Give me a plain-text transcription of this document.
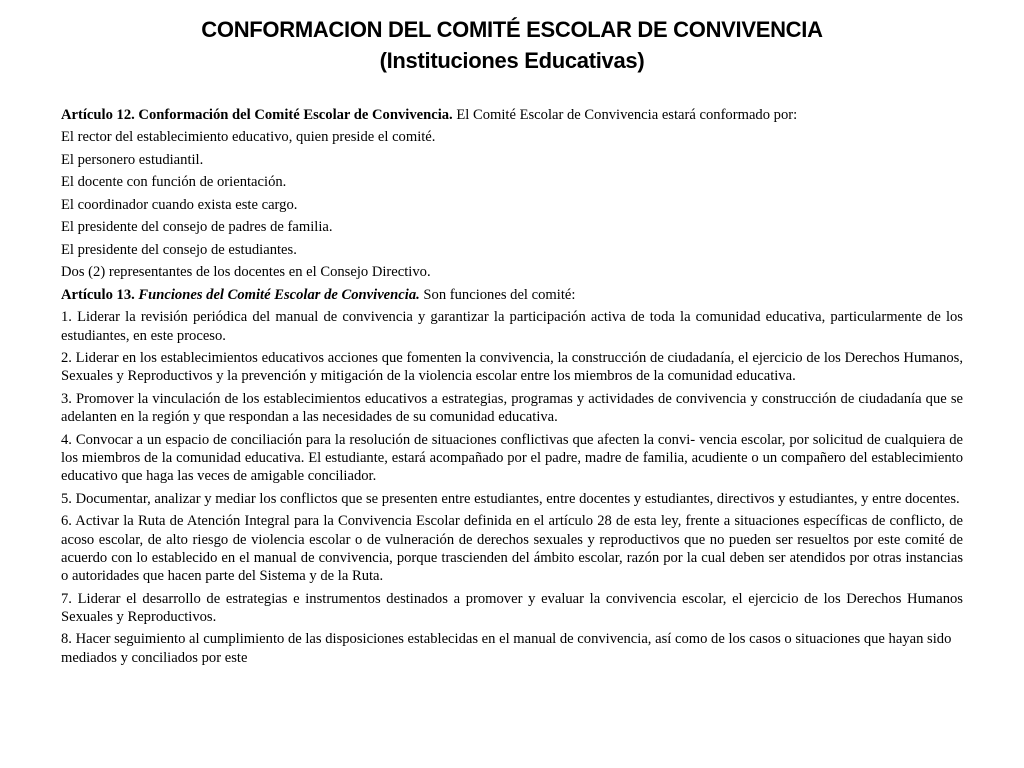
CONFORMACION DEL COMITÉ ESCOLAR DE CONVIVENCIA
(Instituciones Educativas)

Artículo 12. Conformación del Comité Escolar de Convivencia. El Comité Escolar de Convivencia estará conformado por:

El rector del establecimiento educativo, quien preside el comité.

El personero estudiantil.

El docente con función de orientación.

El coordinador cuando exista este cargo.

El presidente del consejo de padres de familia.

El presidente del consejo de estudiantes.

Dos (2) representantes de los docentes en el Consejo Directivo.

Artículo 13. Funciones del Comité Escolar de Convivencia. Son funciones del comité:

1. Liderar la revisión periódica del manual de convivencia y garantizar la participación activa de toda la comunidad educativa, particularmente de los estudiantes, en este proceso.

2. Liderar en los establecimientos educativos acciones que fomenten la convivencia, la construcción de ciudadanía, el ejercicio de los Derechos Humanos, Sexuales y Reproductivos y la prevención y mitigación de la violencia escolar entre los miembros de la comunidad educativa.

3. Promover la vinculación de los establecimientos educativos a estrategias, programas y actividades de convivencia y construcción de ciudadanía que se adelanten en la región y que respondan a las necesidades de su comunidad educativa.

4. Convocar a un espacio de conciliación para la resolución de situaciones conflictivas que afecten la convi- vencia escolar, por solicitud de cualquiera de los miembros de la comunidad educativa. El estudiante, estará acompañado por el padre, madre de familia, acudiente o un compañero del establecimiento educativo que haga las veces de amigable conciliador.

5. Documentar, analizar y mediar los conflictos que se presenten entre estudiantes, entre docentes y estudiantes, directivos y estudiantes, y entre docentes.

6. Activar la Ruta de Atención Integral para la Convivencia Escolar definida en el artículo 28 de esta ley, frente a situaciones específicas de conflicto, de acoso escolar, de alto riesgo de violencia escolar o de vulneración de derechos sexuales y reproductivos que no pueden ser resueltos por este comité de acuerdo con lo establecido en el manual de convivencia, porque trascienden del ámbito escolar, razón por la cual deben ser atendidos por otras instancias o autoridades que hacen parte del Sistema y de la Ruta.

7. Liderar el desarrollo de estrategias e instrumentos destinados a promover y evaluar la convivencia escolar, el ejercicio de los Derechos Humanos Sexuales y Reproductivos.

8. Hacer seguimiento al cumplimiento de las disposiciones establecidas en el manual de convivencia, así como de los casos o situaciones que hayan sido mediados y conciliados por este
